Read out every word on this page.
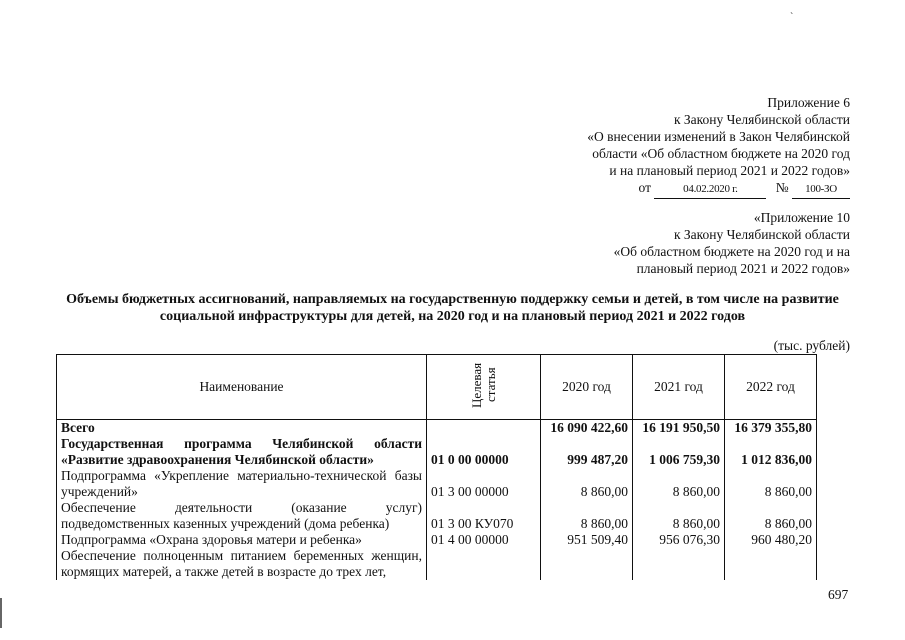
`
Приложение 6
к Закону Челябинской области
«О внесении изменений в Закон Челябинской
области «Об областном бюджете на 2020 год
и на плановый период 2021 и 2022 годов»
от	04.02.2020 г.	№ 100-ЗО
«Приложение 10
к Закону Челябинской области
«Об областном бюджете на 2020 год и на
плановый период 2021 и 2022 годов»
Объемы бюджетных ассигнований, направляемых на государственную поддержку семьи и детей, в том числе на развитие
социальной инфраструктуры для детей, на 2020 год и на плановый период 2021 и 2022 годов
(тыс. рублей)
Наименование	Целевая статья	2020 год	2021 год	2022 год
Всего		16 090 422,60	16 191 950,50	16 379 355,80
Государственная программа Челябинской области «Развитие здравоохранения Челябинской области»	01 0 00 00000	999 487,20	1 006 759,30	1 012 836,00
Подпрограмма «Укрепление материально-технической базы учреждений»	01 3 00 00000	8 860,00	8 860,00	8 860,00
Обеспечение деятельности (оказание услуг) подведомственных казенных учреждений (дома ребенка)	01 3 00 КУ070	8 860,00	8 860,00	8 860,00
Подпрограмма «Охрана здоровья матери и ребенка»	01 4 00 00000	951 509,40	956 076,30	960 480,20
Обеспечение полноценным питанием беременных женщин, кормящих матерей, а также детей в возрасте до трех лет,				
697
